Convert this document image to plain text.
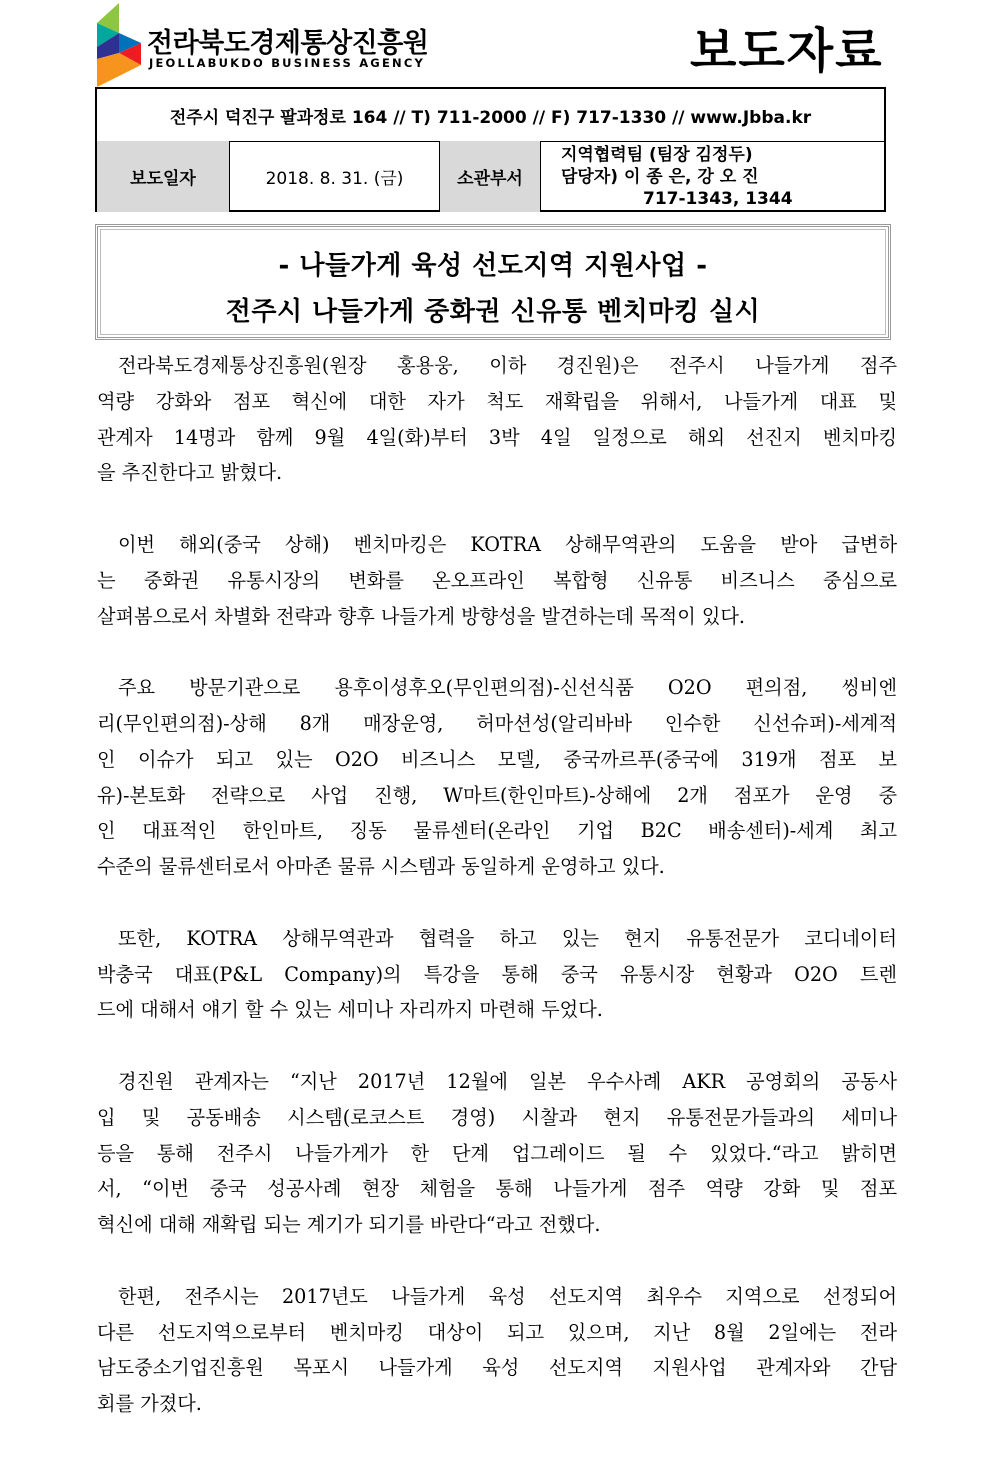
전라북도경제통상진흥원
JEOLLABUKDO BUSINESS AGENCY	보도자료
전주시 덕진구 팔과정로 164 // T) 711-2000 // F) 717-1330 // www.Jbba.kr
보도일자	2018. 8. 31. (금)	소관부서
지역협력팀 (팀장 김정두)
담당자) 이 종 은, 강 오 진
717-1343, 1344
- 나들가게 육성 선도지역 지원사업 -
전주시 나들가게 중화권 신유통 벤치마킹 실시

전라북도경제통상진흥원(원장 홍용웅, 이하 경진원)은 전주시 나들가게 점주
역량 강화와 점포 혁신에 대한 자가 척도 재확립을 위해서, 나들가게 대표 및
관계자 14명과 함께 9월 4일(화)부터 3박 4일 일정으로 해외 선진지 벤치마킹
을 추진한다고 밝혔다.

이번 해외(중국 상해) 벤치마킹은 KOTRA 상해무역관의 도움을 받아 급변하
는 중화권 유통시장의 변화를 온오프라인 복합형 신유통 비즈니스 중심으로
살펴봄으로서 차별화 전략과 향후 나들가게 방향성을 발견하는데 목적이 있다.

주요 방문기관으로 용후이셩후오(무인편의점)-신선식품 O2O 편의점, 씽비엔
리(무인편의점)-상해 8개 매장운영, 허마션성(알리바바 인수한 신선슈퍼)-세계적
인 이슈가 되고 있는 O2O 비즈니스 모델, 중국까르푸(중국에 319개 점포 보
유)-본토화 전략으로 사업 진행, W마트(한인마트)-상해에 2개 점포가 운영 중
인 대표적인 한인마트, 징동 물류센터(온라인 기업 B2C 배송센터)-세계 최고
수준의 물류센터로서 아마존 물류 시스템과 동일하게 운영하고 있다.

또한, KOTRA 상해무역관과 협력을 하고 있는 현지 유통전문가 코디네이터
박충국 대표(P&L Company)의 특강을 통해 중국 유통시장 현황과 O2O 트렌
드에 대해서 얘기 할 수 있는 세미나 자리까지 마련해 두었다.

경진원 관계자는 “지난 2017년 12월에 일본 우수사례 AKR 공영회의 공동사
입 및 공동배송 시스템(로코스트 경영) 시찰과 현지 유통전문가들과의 세미나
등을 통해 전주시 나들가게가 한 단계 업그레이드 될 수 있었다.“라고 밝히면
서, “이번 중국 성공사례 현장 체험을 통해 나들가게 점주 역량 강화 및 점포
혁신에 대해 재확립 되는 계기가 되기를 바란다“라고 전했다.

한편, 전주시는 2017년도 나들가게 육성 선도지역 최우수 지역으로 선정되어
다른 선도지역으로부터 벤치마킹 대상이 되고 있으며, 지난 8월 2일에는 전라
남도중소기업진흥원 목포시 나들가게 육성 선도지역 지원사업 관계자와 간담
회를 가졌다.
